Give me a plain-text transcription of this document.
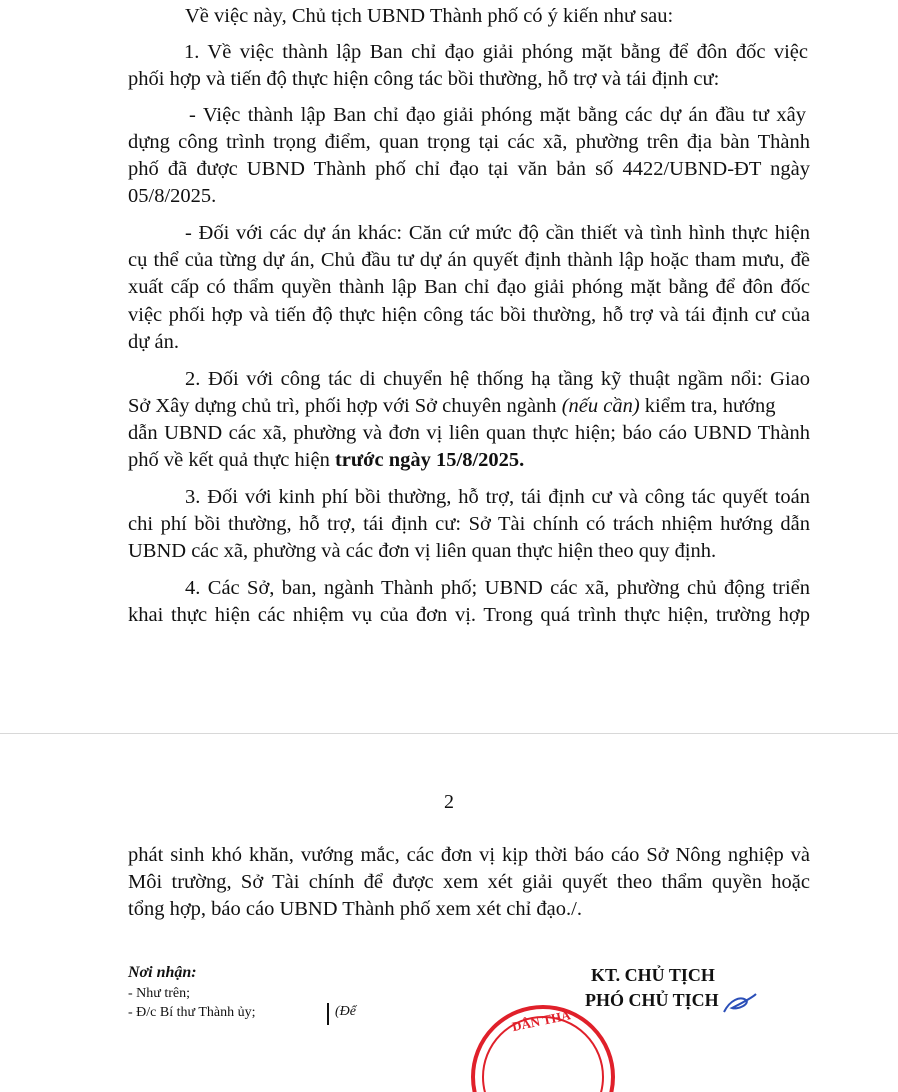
Về việc này, Chủ tịch UBND Thành phố có ý kiến như sau:
1. Về việc thành lập Ban chỉ đạo giải phóng mặt bằng để đôn đốc việc
phối hợp và tiến độ thực hiện công tác bồi thường, hỗ trợ và tái định cư:
- Việc thành lập Ban chỉ đạo giải phóng mặt bằng các dự án đầu tư xây
dựng công trình trọng điểm, quan trọng tại các xã, phường trên địa bàn Thành
phố đã được UBND Thành phố chỉ đạo tại văn bản số 4422/UBND-ĐT ngày
05/8/2025.
- Đối với các dự án khác: Căn cứ mức độ cần thiết và tình hình thực hiện
cụ thể của từng dự án, Chủ đầu tư dự án quyết định thành lập hoặc tham mưu, đề
xuất cấp có thẩm quyền thành lập Ban chỉ đạo giải phóng mặt bằng để đôn đốc
việc phối hợp và tiến độ thực hiện công tác bồi thường, hỗ trợ và tái định cư của
dự án.
2. Đối với công tác di chuyển hệ thống hạ tầng kỹ thuật ngầm nổi: Giao
Sở Xây dựng chủ trì, phối hợp với Sở chuyên ngành (nếu cần) kiểm tra, hướng
dẫn UBND các xã, phường và đơn vị liên quan thực hiện; báo cáo UBND Thành
phố về kết quả thực hiện trước ngày 15/8/2025.
3. Đối với kinh phí bồi thường, hỗ trợ, tái định cư và công tác quyết toán
chi phí bồi thường, hỗ trợ, tái định cư: Sở Tài chính có trách nhiệm hướng dẫn
UBND các xã, phường và các đơn vị liên quan thực hiện theo quy định.
4. Các Sở, ban, ngành Thành phố; UBND các xã, phường chủ động triển
khai thực hiện các nhiệm vụ của đơn vị. Trong quá trình thực hiện, trường hợp
2
phát sinh khó khăn, vướng mắc, các đơn vị kịp thời báo cáo Sở Nông nghiệp và
Môi trường, Sở Tài chính để được xem xét giải quyết theo thẩm quyền hoặc
tổng hợp, báo cáo UBND Thành phố xem xét chỉ đạo./.
Nơi nhận:
- Như trên;
- Đ/c Bí thư Thành ủy;	(Để
KT. CHỦ TỊCH
PHÓ CHỦ TỊCH
DÂN THÀ
